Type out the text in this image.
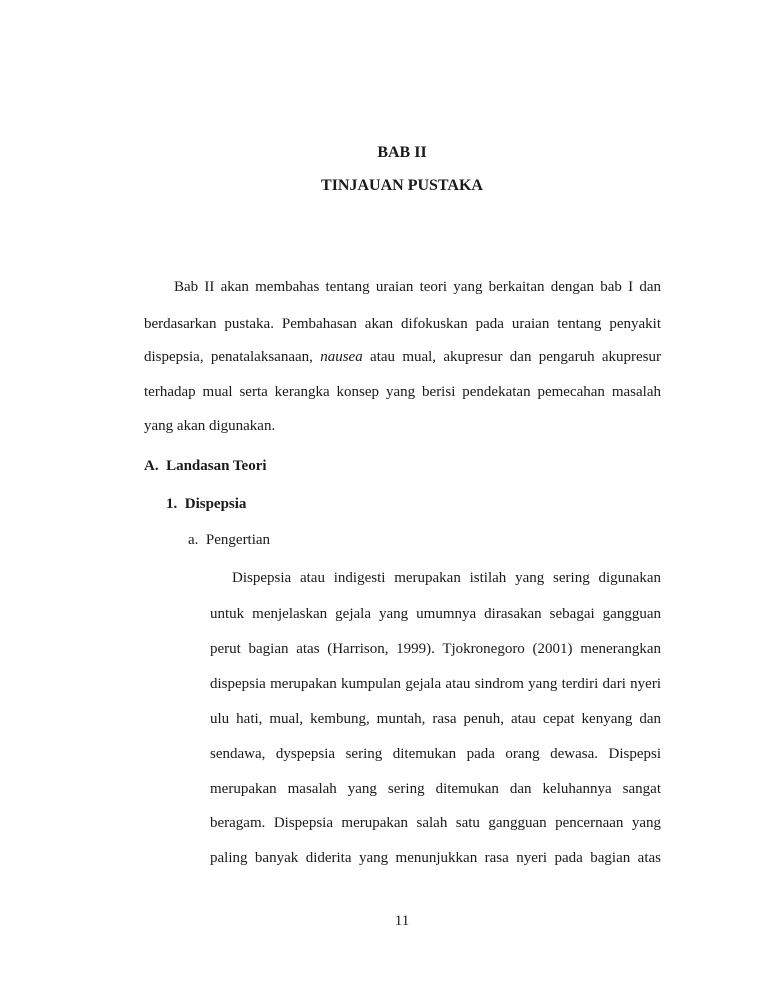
BAB II
TINJAUAN PUSTAKA
Bab II akan membahas tentang uraian teori yang berkaitan dengan bab I dan
berdasarkan pustaka. Pembahasan akan difokuskan pada uraian tentang penyakit
dispepsia, penatalaksanaan, nausea atau mual, akupresur dan pengaruh akupresur
terhadap mual serta kerangka konsep yang berisi pendekatan pemecahan masalah
yang akan digunakan.
A.  Landasan Teori
1.  Dispepsia
a.  Pengertian
Dispepsia atau indigesti merupakan istilah yang sering digunakan
untuk menjelaskan gejala yang umumnya dirasakan sebagai gangguan
perut bagian atas (Harrison, 1999). Tjokronegoro (2001) menerangkan
dispepsia merupakan kumpulan gejala atau sindrom yang terdiri dari nyeri
ulu hati, mual, kembung, muntah, rasa penuh, atau cepat kenyang dan
sendawa, dyspepsia sering ditemukan pada orang dewasa. Dispepsi
merupakan masalah yang sering ditemukan dan keluhannya sangat
beragam. Dispepsia merupakan salah satu gangguan pencernaan yang
paling banyak diderita yang menunjukkan rasa nyeri pada bagian atas
11
